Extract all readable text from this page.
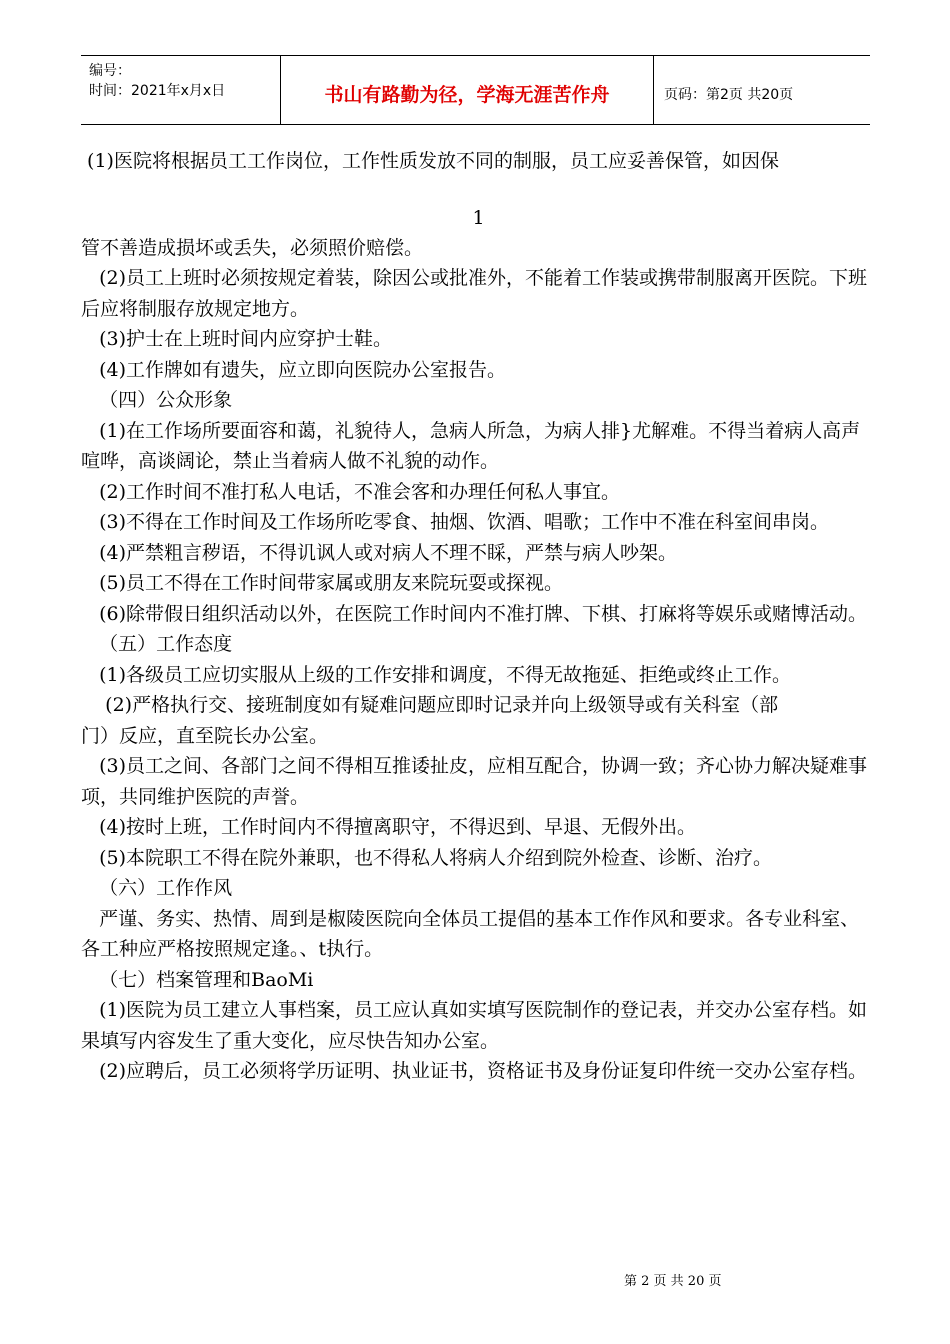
编号：
时间：2021年x月x日	书山有路勤为径，学海无涯苦作舟	页码：第2页 共20页

(1)医院将根据员工工作岗位，工作性质发放不同的制服，员工应妥善保管，如因保

1

管不善造成损坏或丢失，必须照价赔偿。

(2)员工上班时必须按规定着装，除因公或批准外，不能着工作装或携带制服离开医院。下班后应将制服存放规定地方。

(3)护士在上班时间内应穿护士鞋。

(4)工作牌如有遗失，应立即向医院办公室报告。

（四）公众形象

(1)在工作场所要面容和蔼，礼貌待人，急病人所急，为病人排}尤解难。不得当着病人高声喧哗，高谈阔论，禁止当着病人做不礼貌的动作。

(2)工作时间不准打私人电话，不准会客和办理任何私人事宜。

(3)不得在工作时间及工作场所吃零食、抽烟、饮酒、唱歌；工作中不准在科室间串岗。

(4)严禁粗言秽语，不得讥讽人或对病人不理不睬，严禁与病人吵架。

(5)员工不得在工作时间带家属或朋友来院玩耍或探视。

(6)除带假日组织活动以外，在医院工作时间内不准打牌、下棋、打麻将等娱乐或赌博活动。

（五）工作态度

(1)各级员工应切实服从上级的工作安排和调度，不得无故拖延、拒绝或终止工作。

(2)严格执行交、接班制度如有疑难问题应即时记录并向上级领导或有关科室（部

门）反应，直至院长办公室。

(3)员工之间、各部门之间不得相互推诿扯皮，应相互配合，协调一致；齐心协力解决疑难事项，共同维护医院的声誉。

(4)按时上班，工作时间内不得擅离职守，不得迟到、早退、无假外出。

(5)本院职工不得在院外兼职，也不得私人将病人介绍到院外检查、诊断、治疗。

（六）工作作风

严谨、务实、热情、周到是椒陵医院向全体员工提倡的基本工作作风和要求。各专业科室、各工种应严格按照规定逢。、t执行。

（七）档案管理和BaoMi

(1)医院为员工建立人事档案，员工应认真如实填写医院制作的登记表，并交办公室存档。如果填写内容发生了重大变化，应尽快告知办公室。

(2)应聘后，员工必须将学历证明、执业证书，资格证书及身份证复印件统一交办公室存档。

第 2 页 共 20 页
